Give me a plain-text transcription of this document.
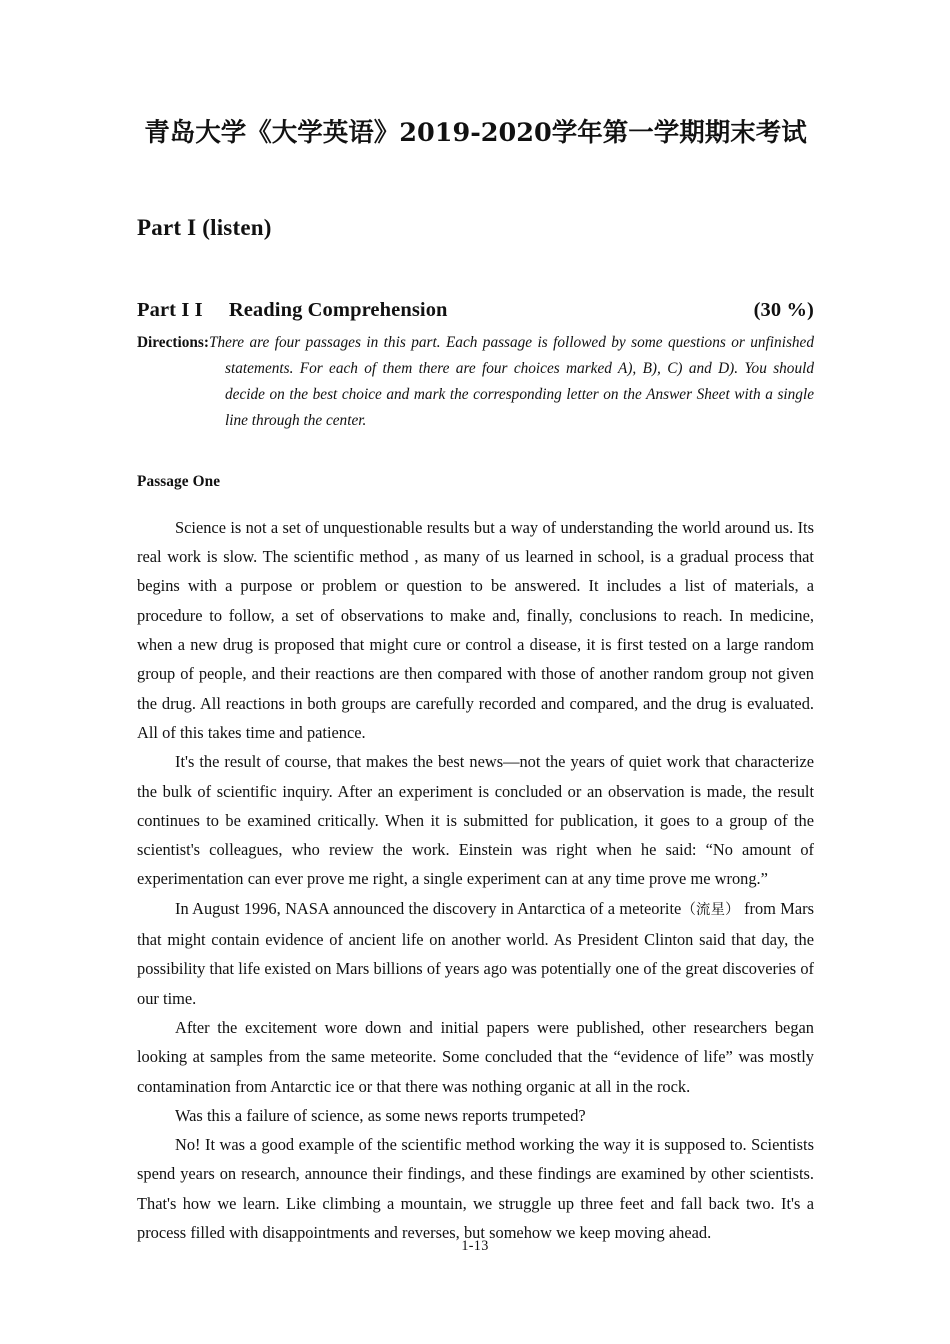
青岛大学《大学英语》2019-2020学年第一学期期末考试
Part I (listen)
Part I I     Reading Comprehension	(30 %)

Directions:There are four passages in this part. Each passage is followed by some questions or unfinished statements. For each of them there are four choices marked A), B), C) and D). You should decide on the best choice and mark the corresponding letter on the Answer Sheet with a single line through the center.

Passage One

Science is not a set of unquestionable results but a way of understanding the world around us. Its real work is slow. The scientific method , as many of us learned in school, is a gradual process that begins with a purpose or problem or question to be answered. It includes a list of materials, a procedure to follow, a set of observations to make and, finally, conclusions to reach. In medicine, when a new drug is proposed that might cure or control a disease, it is first tested on a large random group of people, and their reactions are then compared with those of another random group not given the drug. All reactions in both groups are carefully recorded and compared, and the drug is evaluated. All of this takes time and patience.

It's the result of course, that makes the best news—not the years of quiet work that characterize the bulk of scientific inquiry. After an experiment is concluded or an observation is made, the result continues to be examined critically. When it is submitted for publication, it goes to a group of the scientist's colleagues, who review the work. Einstein was right when he said: “No amount of experimentation can ever prove me right, a single experiment can at any time prove me wrong.”

In August 1996, NASA announced the discovery in Antarctica of a meteorite（流星） from Mars that might contain evidence of ancient life on another world. As President Clinton said that day, the possibility that life existed on Mars billions of years ago was potentially one of the great discoveries of our time.

After the excitement wore down and initial papers were published, other researchers began looking at samples from the same meteorite. Some concluded that the “evidence of life” was mostly contamination from Antarctic ice or that there was nothing organic at all in the rock.

Was this a failure of science, as some news reports trumpeted?

No! It was a good example of the scientific method working the way it is supposed to. Scientists spend years on research, announce their findings, and these findings are examined by other scientists. That's how we learn. Like climbing a mountain, we struggle up three feet and fall back two. It's a process filled with disappointments and reverses, but somehow we keep moving ahead.

1-13
